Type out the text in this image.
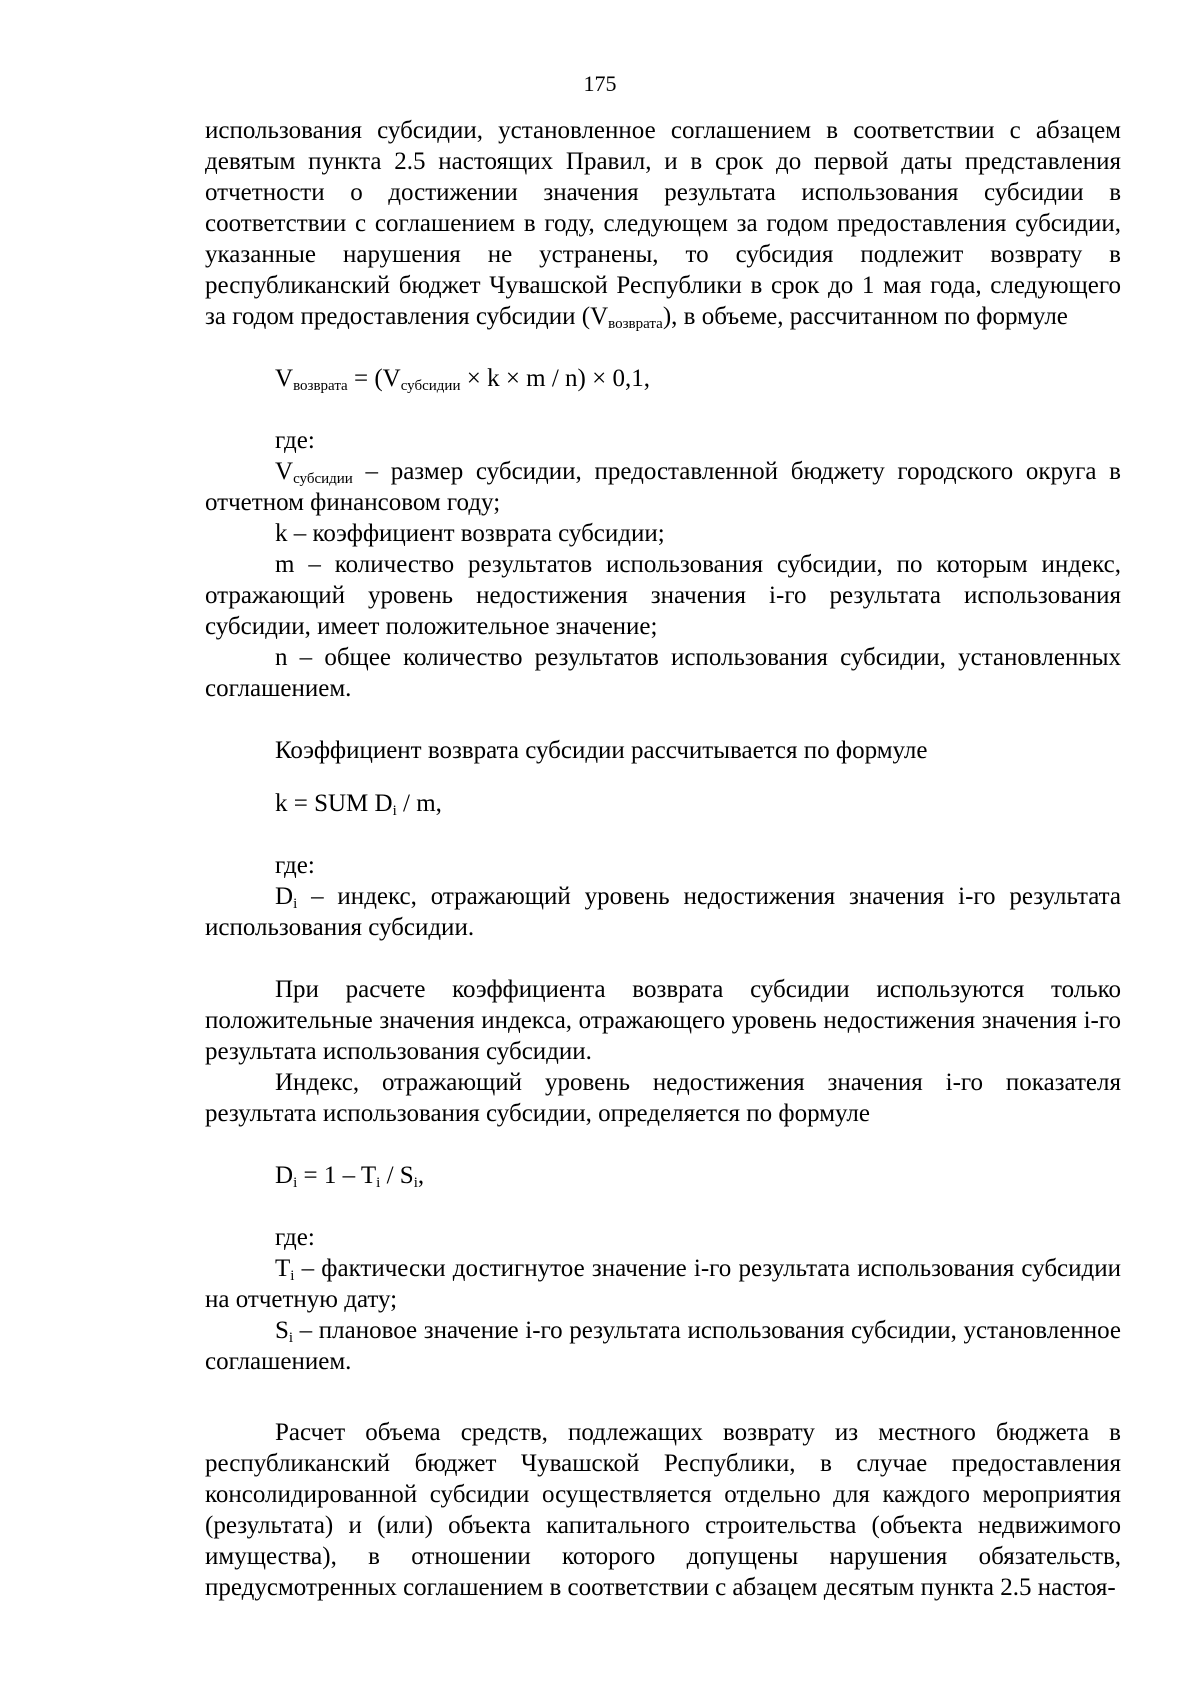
175

использования субсидии, установленное соглашением в соответствии с абзацем девятым пункта 2.5 настоящих Правил, и в срок до первой даты представления отчетности о достижении значения результата использования субсидии в соответствии с соглашением в году, следующем за годом предоставления субсидии, указанные нарушения не устранены, то субсидия подлежит возврату в республиканский бюджет Чувашской Республики в срок до 1 мая года, следующего за годом предоставления субсидии $(V_{возврата})$, в объеме, рассчитанном по формуле

$V_{возврата} = (V_{субсидии} \times k \times m / n) \times 0,1$,

где:

$V_{субсидии}$ – размер субсидии, предоставленной бюджету городского округа в отчетном финансовом году;

k – коэффициент возврата субсидии;

m – количество результатов использования субсидии, по которым индекс, отражающий уровень недостижения значения i-го результата использования субсидии, имеет положительное значение;

n – общее количество результатов использования субсидии, установленных соглашением.

Коэффициент возврата субсидии рассчитывается по формуле

k = SUM $D_i$ / m,

где:

$D_i$ – индекс, отражающий уровень недостижения значения i-го результата использования субсидии.

При расчете коэффициента возврата субсидии используются только положительные значения индекса, отражающего уровень недостижения значения i-го результата использования субсидии.

Индекс, отражающий уровень недостижения значения i-го показателя результата использования субсидии, определяется по формуле

$D_i = 1 - T_i / S_i$,

где:

$T_i$ – фактически достигнутое значение i-го результата использования субсидии на отчетную дату;

$S_i$ – плановое значение i-го результата использования субсидии, установленное соглашением.

Расчет объема средств, подлежащих возврату из местного бюджета в республиканский бюджет Чувашской Республики, в случае предоставления консолидированной субсидии осуществляется отдельно для каждого мероприятия (результата) и (или) объекта капитального строительства (объекта недвижимого имущества), в отношении которого допущены нарушения обязательств, предусмотренных соглашением в соответствии с абзацем десятым пункта 2.5 настоя-
